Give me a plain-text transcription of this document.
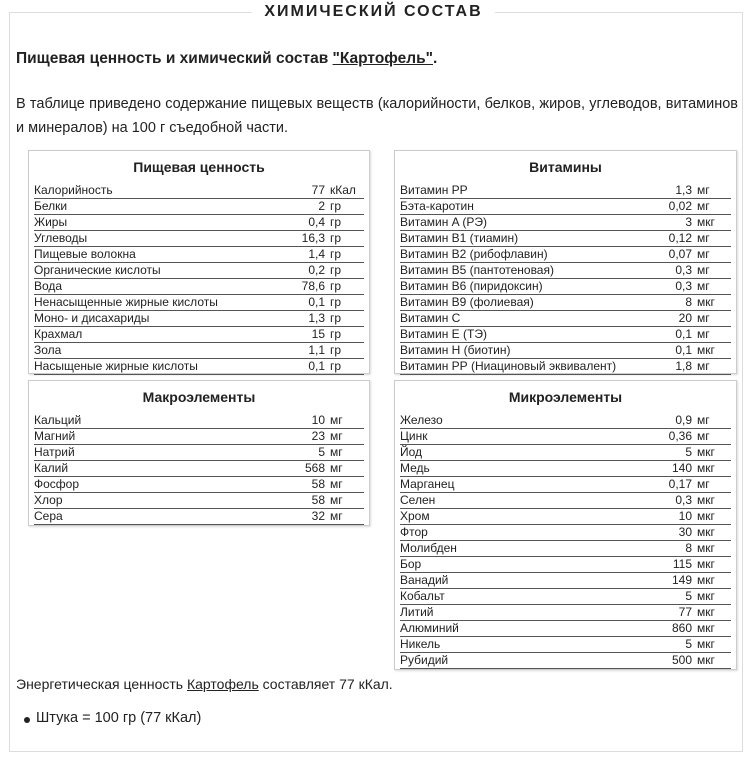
ХИМИЧЕСКИЙ СОСТАВ
Пищевая ценность и химический состав "Картофель".
В таблице приведено содержание пищевых веществ (калорийности, белков, жиров, углеводов, витаминов и минералов) на 100 г съедобной части.
Пищевая ценность
Калорийность	77 кКал
Белки	2 гр
Жиры	0,4 гр
Углеводы	16,3 гр
Пищевые волокна	1,4 гр
Органические кислоты	0,2 гр
Вода	78,6 гр
Ненасыщенные жирные кислоты	0,1 гр
Моно- и дисахариды	1,3 гр
Крахмал	15 гр
Зола	1,1 гр
Насыщеные жирные кислоты	0,1 гр
Витамины
Витамин PP	1,3 мг
Бэта-каротин	0,02 мг
Витамин A (РЭ)	3 мкг
Витамин B1 (тиамин)	0,12 мг
Витамин B2 (рибофлавин)	0,07 мг
Витамин B5 (пантотеновая)	0,3 мг
Витамин B6 (пиридоксин)	0,3 мг
Витамин B9 (фолиевая)	8 мкг
Витамин C	20 мг
Витамин E (ТЭ)	0,1 мг
Витамин H (биотин)	0,1 мкг
Витамин РР (Ниациновый эквивалент)	1,8 мг
Макроэлементы
Кальций	10 мг
Магний	23 мг
Натрий	5 мг
Калий	568 мг
Фосфор	58 мг
Хлор	58 мг
Сера	32 мг
Микроэлементы
Железо	0,9 мг
Цинк	0,36 мг
Йод	5 мкг
Медь	140 мкг
Марганец	0,17 мг
Селен	0,3 мкг
Хром	10 мкг
Фтор	30 мкг
Молибден	8 мкг
Бор	115 мкг
Ванадий	149 мкг
Кобальт	5 мкг
Литий	77 мкг
Алюминий	860 мкг
Никель	5 мкг
Рубидий	500 мкг
Энергетическая ценность Картофель составляет 77 кКал.
Штука = 100 гр (77 кКал)
